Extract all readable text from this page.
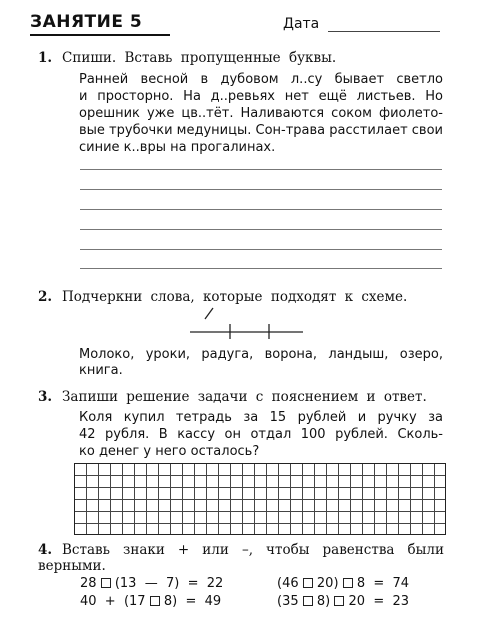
ЗАНЯТИЕ 5	Дата
1. Спиши. Вставь пропущенные буквы.
Ранней весной в дубовом л..су бывает светло
и просторно. На д..ревьях нет ещё листьев. Но
орешник уже цв..тёт. Наливаются соком фиолето-
вые трубочки медуницы. Сон-трава расстилает свои
синие к..вры на прогалинах.
2. Подчеркни слова, которые подходят к схеме.
Молоко, уроки, радуга, ворона, ландыш, озеро,
книга.
3. Запиши решение задачи с пояснением и ответ.
Коля купил тетрадь за 15 рублей и ручку за
42 рубля. В кассу он отдал 100 рублей. Сколь-
ко денег у него осталось?
4. Вставь знаки + или –, чтобы равенства были
верными.
28 (13  —  7)  =  22
40  +  (17 8)  =  49
(46 20) 8  =  74
(35 8) 20  =  23
